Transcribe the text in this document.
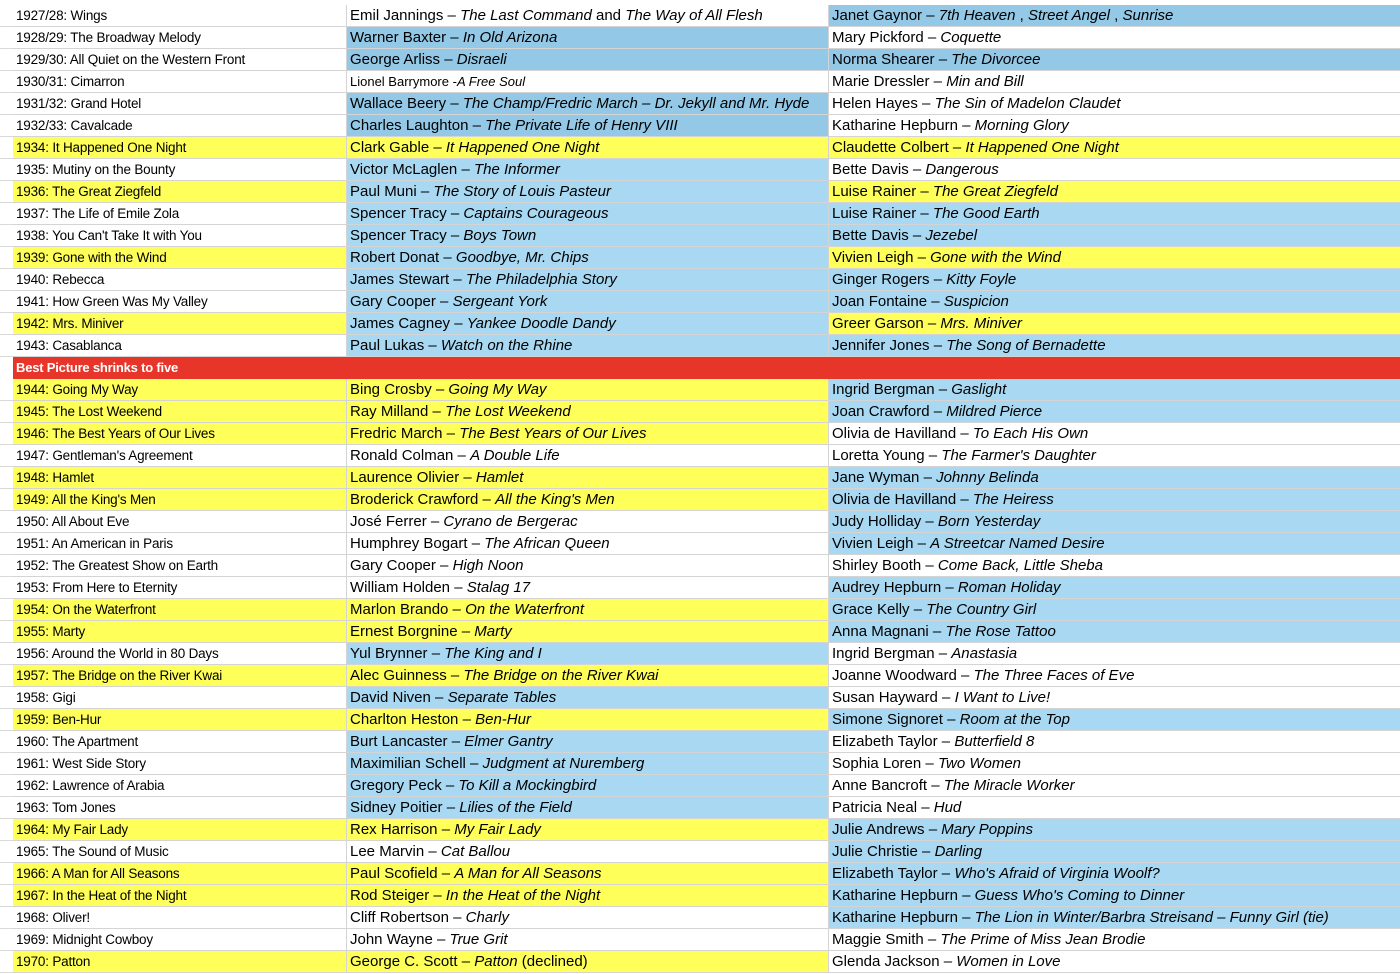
1927/28: Wings	Emil Jannings – The Last Command and The Way of All Flesh	Janet Gaynor – 7th Heaven , Street Angel , Sunrise
1928/29: The Broadway Melody	Warner Baxter – In Old Arizona	Mary Pickford – Coquette
1929/30: All Quiet on the Western Front	George Arliss – Disraeli	Norma Shearer – The Divorcee
1930/31: Cimarron	Lionel Barrymore -A Free Soul	Marie Dressler – Min and Bill
1931/32: Grand Hotel	Wallace Beery – The Champ/Fredric March – Dr. Jekyll and Mr. Hyde	Helen Hayes – The Sin of Madelon Claudet
1932/33: Cavalcade	Charles Laughton – The Private Life of Henry VIII	Katharine Hepburn – Morning Glory
1934: It Happened One Night	Clark Gable – It Happened One Night	Claudette Colbert – It Happened One Night
1935: Mutiny on the Bounty	Victor McLaglen – The Informer	Bette Davis – Dangerous
1936: The Great Ziegfeld	Paul Muni – The Story of Louis Pasteur	Luise Rainer – The Great Ziegfeld
1937: The Life of Emile Zola	Spencer Tracy – Captains Courageous	Luise Rainer – The Good Earth
1938: You Can't Take It with You	Spencer Tracy – Boys Town	Bette Davis – Jezebel
1939: Gone with the Wind	Robert Donat – Goodbye, Mr. Chips	Vivien Leigh – Gone with the Wind
1940: Rebecca	James Stewart – The Philadelphia Story	Ginger Rogers – Kitty Foyle
1941: How Green Was My Valley	Gary Cooper – Sergeant York	Joan Fontaine – Suspicion
1942: Mrs. Miniver	James Cagney – Yankee Doodle Dandy	Greer Garson – Mrs. Miniver
1943: Casablanca	Paul Lukas – Watch on the Rhine	Jennifer Jones – The Song of Bernadette
Best Picture shrinks to five
1944: Going My Way	Bing Crosby – Going My Way	Ingrid Bergman – Gaslight
1945: The Lost Weekend	Ray Milland – The Lost Weekend	Joan Crawford – Mildred Pierce
1946: The Best Years of Our Lives	Fredric March – The Best Years of Our Lives	Olivia de Havilland – To Each His Own
1947: Gentleman's Agreement	Ronald Colman – A Double Life	Loretta Young – The Farmer's Daughter
1948: Hamlet	Laurence Olivier – Hamlet	Jane Wyman – Johnny Belinda
1949: All the King's Men	Broderick Crawford – All the King's Men	Olivia de Havilland – The Heiress
1950: All About Eve	José Ferrer – Cyrano de Bergerac	Judy Holliday – Born Yesterday
1951: An American in Paris	Humphrey Bogart – The African Queen	Vivien Leigh – A Streetcar Named Desire
1952: The Greatest Show on Earth	Gary Cooper – High Noon	Shirley Booth – Come Back, Little Sheba
1953: From Here to Eternity	William Holden – Stalag 17	Audrey Hepburn – Roman Holiday
1954: On the Waterfront	Marlon Brando – On the Waterfront	Grace Kelly – The Country Girl
1955: Marty	Ernest Borgnine – Marty	Anna Magnani – The Rose Tattoo
1956: Around the World in 80 Days	Yul Brynner – The King and I	Ingrid Bergman – Anastasia
1957: The Bridge on the River Kwai	Alec Guinness – The Bridge on the River Kwai	Joanne Woodward – The Three Faces of Eve
1958: Gigi	David Niven – Separate Tables	Susan Hayward – I Want to Live!
1959: Ben-Hur	Charlton Heston – Ben-Hur	Simone Signoret – Room at the Top
1960: The Apartment	Burt Lancaster – Elmer Gantry	Elizabeth Taylor – Butterfield 8
1961: West Side Story	Maximilian Schell – Judgment at Nuremberg	Sophia Loren – Two Women
1962: Lawrence of Arabia	Gregory Peck – To Kill a Mockingbird	Anne Bancroft – The Miracle Worker
1963: Tom Jones	Sidney Poitier – Lilies of the Field	Patricia Neal – Hud
1964: My Fair Lady	Rex Harrison – My Fair Lady	Julie Andrews – Mary Poppins
1965: The Sound of Music	Lee Marvin – Cat Ballou	Julie Christie – Darling
1966: A Man for All Seasons	Paul Scofield – A Man for All Seasons	Elizabeth Taylor – Who's Afraid of Virginia Woolf?
1967: In the Heat of the Night	Rod Steiger – In the Heat of the Night	Katharine Hepburn – Guess Who's Coming to Dinner
1968: Oliver!	Cliff Robertson – Charly	Katharine Hepburn – The Lion in Winter/Barbra Streisand – Funny Girl (tie)
1969: Midnight Cowboy	John Wayne – True Grit	Maggie Smith – The Prime of Miss Jean Brodie
1970: Patton	George C. Scott – Patton (declined)	Glenda Jackson – Women in Love
